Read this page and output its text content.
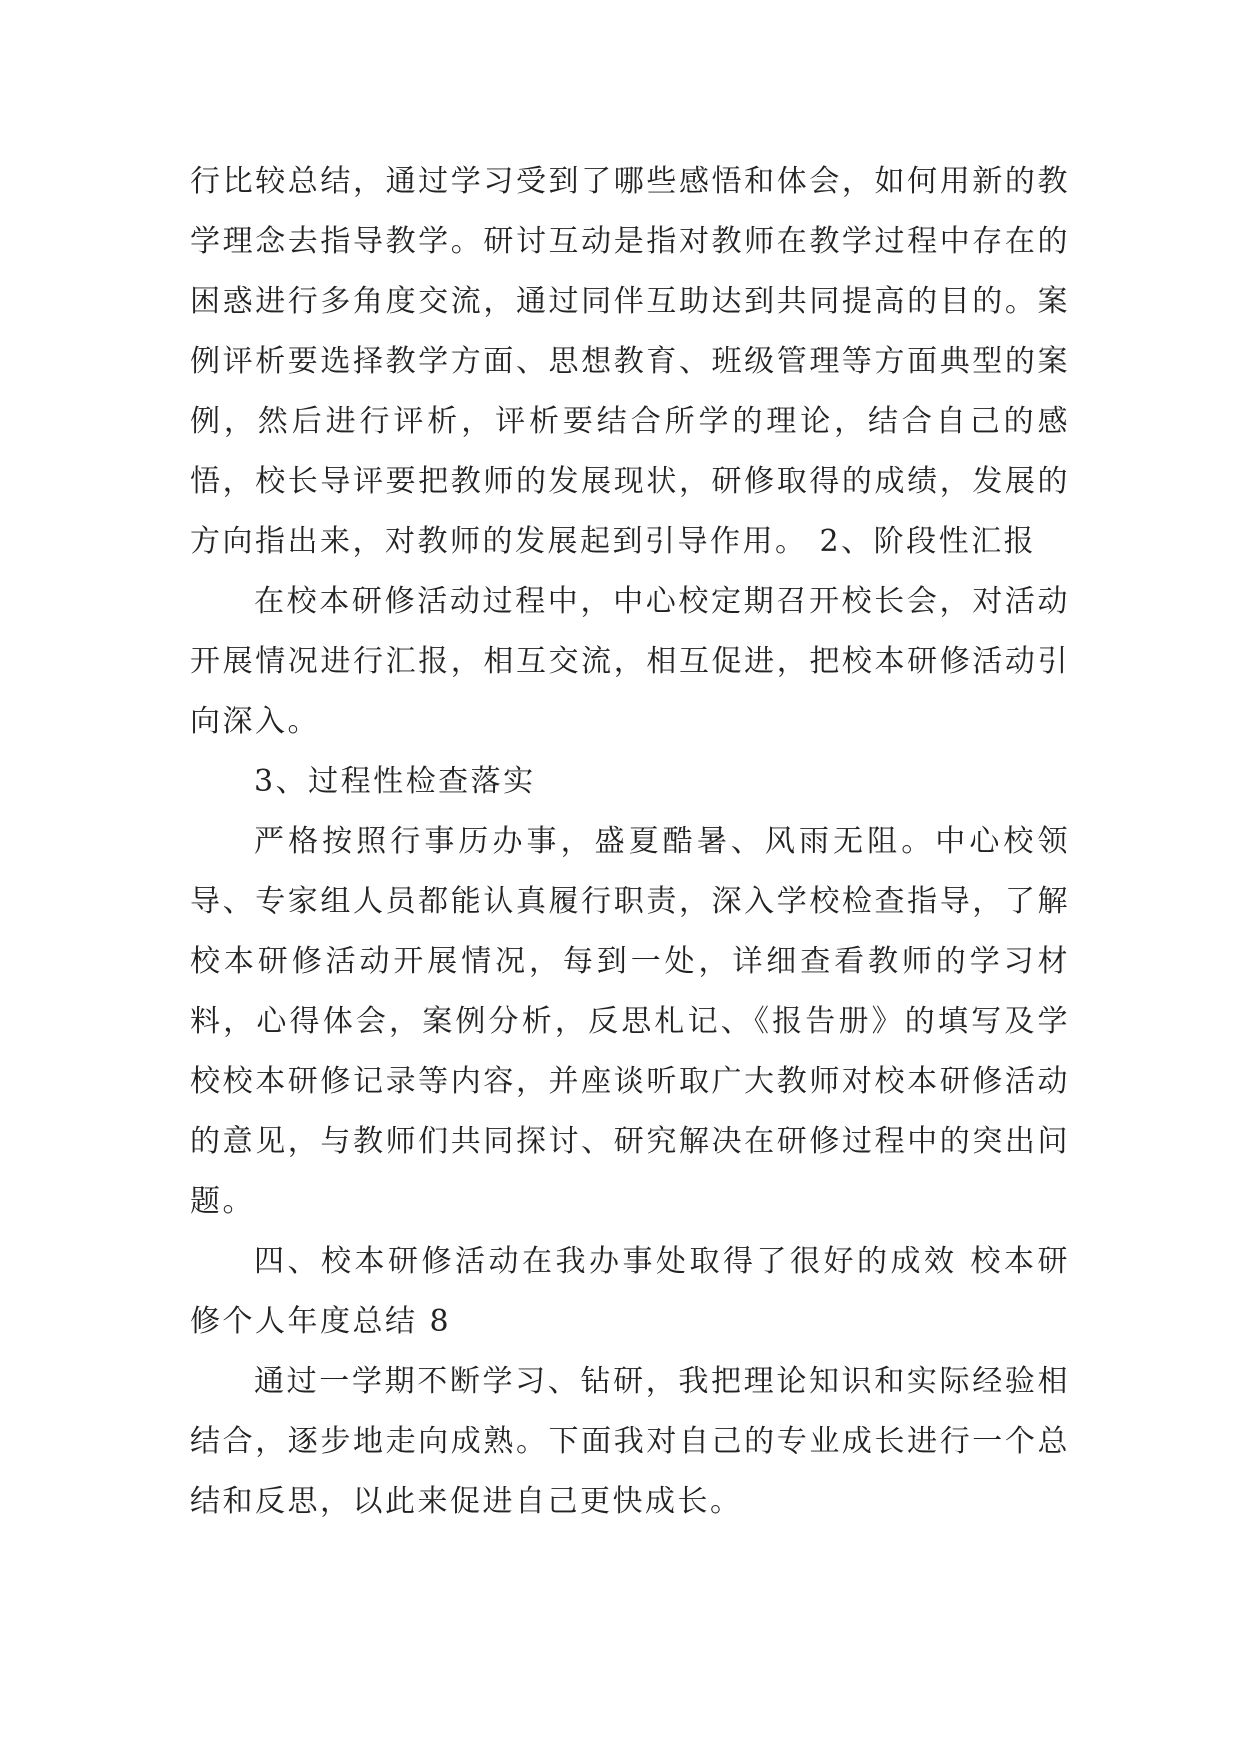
行比较总结，通过学习受到了哪些感悟和体会，如何用新的教学理念去指导教学。研讨互动是指对教师在教学过程中存在的困惑进行多角度交流，通过同伴互助达到共同提高的目的。案例评析要选择教学方面、思想教育、班级管理等方面典型的案例，然后进行评析，评析要结合所学的理论，结合自己的感悟，校长导评要把教师的发展现状，研修取得的成绩，发展的方向指出来，对教师的发展起到引导作用。 2、阶段性汇报

在校本研修活动过程中，中心校定期召开校长会，对活动开展情况进行汇报，相互交流，相互促进，把校本研修活动引向深入。

3、过程性检查落实

严格按照行事历办事，盛夏酷暑、风雨无阻。中心校领导、专家组人员都能认真履行职责，深入学校检查指导，了解校本研修活动开展情况，每到一处，详细查看教师的学习材料，心得体会，案例分析，反思札记、《报告册》的填写及学校校本研修记录等内容，并座谈听取广大教师对校本研修活动的意见，与教师们共同探讨、研究解决在研修过程中的突出问题。

四、校本研修活动在我办事处取得了很好的成效 校本研修个人年度总结 8

通过一学期不断学习、钻研，我把理论知识和实际经验相结合，逐步地走向成熟。下面我对自己的专业成长进行一个总结和反思，以此来促进自己更快成长。
